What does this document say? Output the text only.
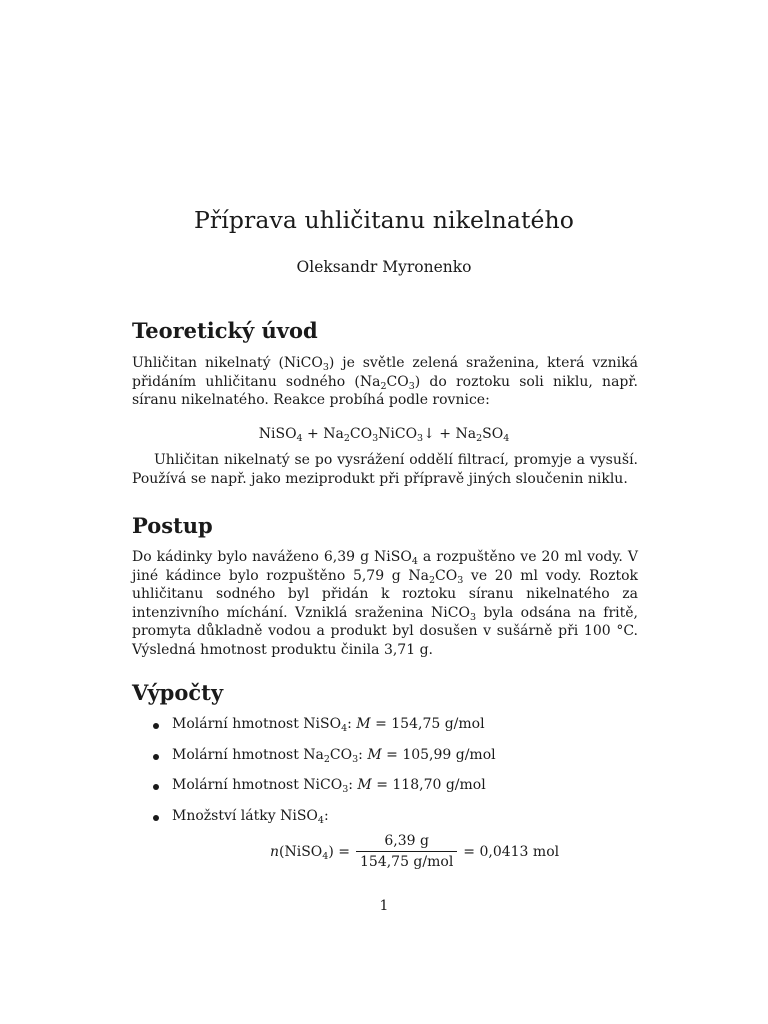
Příprava uhličitanu nikelnatého
Oleksandr Myronenko
Teoretický úvod

Uhličitan nikelnatý (NiCO$_3$) je světle zelená sraženina, která vzniká přidáním uhličitanu sodného $(Na_2CO_3)$ do roztoku soli niklu, např. síranu nikelnatého. Reakce probíhá podle rovnice:

NiSO$_4$ + $Na_2CO_3NiCO_3↓ + Na_2SO_4$

Uhličitan nikelnatý se po vysrážení oddělí filtrací, promyje a vysuší. Používá se např. jako meziprodukt při přípravě jiných sloučenin niklu.

Postup

Do kádinky bylo naváženo 6,39 g NiSO$_4$ a rozpuštěno ve 20 ml vody. V jiné kádince bylo rozpuštěno 5,79 g $Na_2CO_3$ ve 20 ml vody. Roztok uhličitanu sodného byl přidán k roztoku síranu nikelnatého za intenzivního míchání. Vzniklá sraženina NiCO$_3$ byla odsána na fritě, promyta důkladně vodou a produkt byl dosušen v sušárně při 100 °C. Výsledná hmotnost produktu činila 3,71 g.

Výpočty
Molární hmotnost NiSO$_4$: M = 154,75 g/mol
Molární hmotnost $Na_2CO_3$: M = 105,99 g/mol
Molární hmotnost NiCO$_3$: M = 118,70 g/mol
Množství látky NiSO$_4$:
n(NiSO$_4$) = $\frac{6,39 g}{\text{154,75 g/mol}} = 0,0413$ mol
1
